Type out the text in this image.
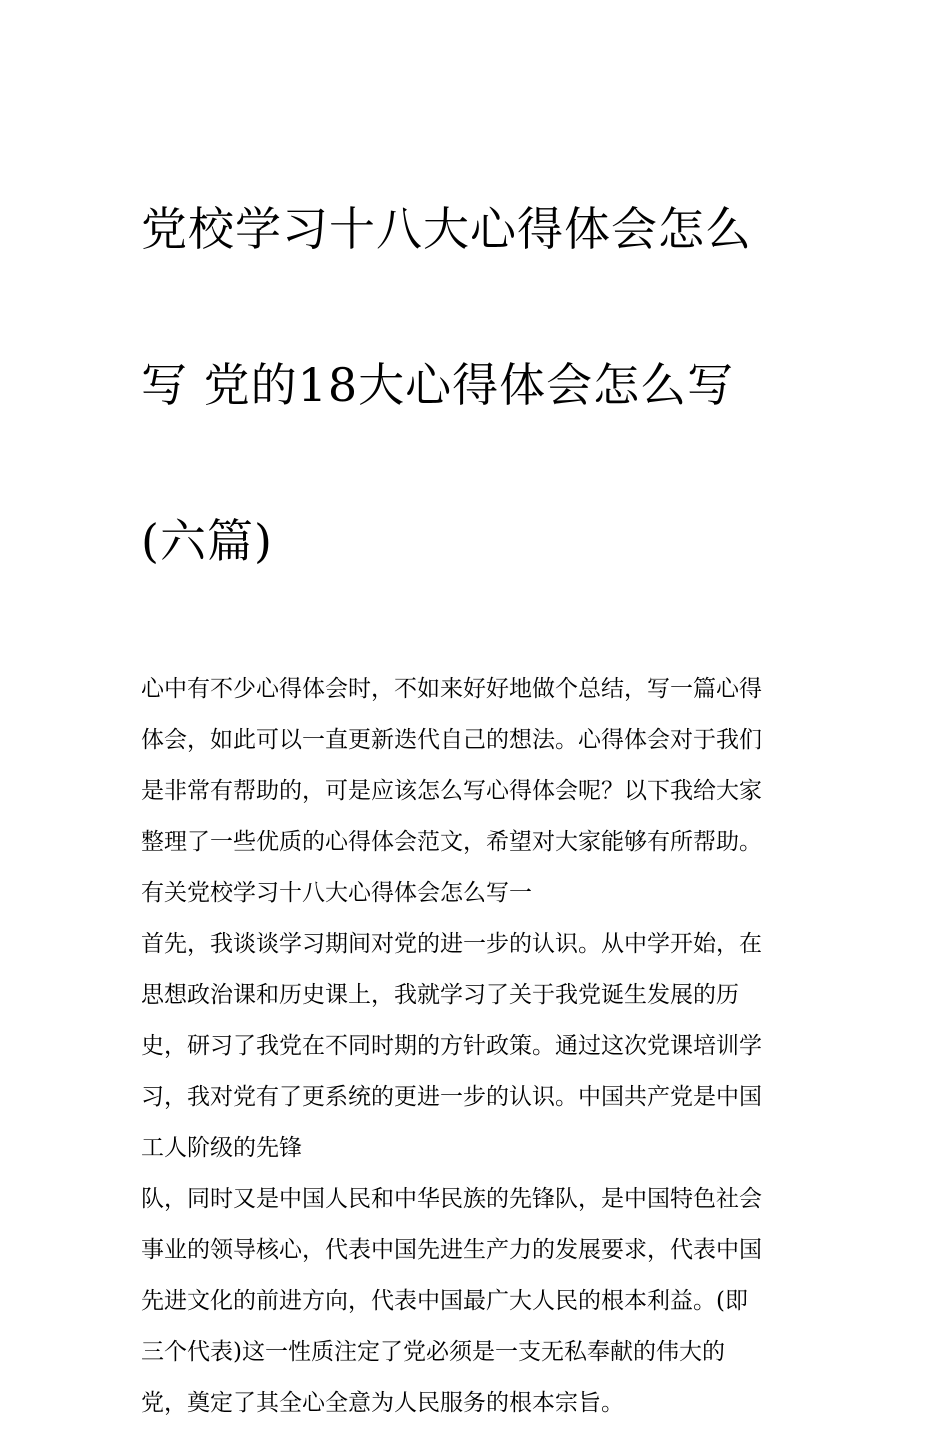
党校学习十八大心得体会怎么

写 党的18大心得体会怎么写

(六篇)

心中有不少心得体会时，不如来好好地做个总结，写一篇心得

体会，如此可以一直更新迭代自己的想法。心得体会对于我们

是非常有帮助的，可是应该怎么写心得体会呢？以下我给大家

整理了一些优质的心得体会范文，希望对大家能够有所帮助。

有关党校学习十八大心得体会怎么写一

首先，我谈谈学习期间对党的进一步的认识。从中学开始，在

思想政治课和历史课上，我就学习了关于我党诞生发展的历

史，研习了我党在不同时期的方针政策。通过这次党课培训学

习，我对党有了更系统的更进一步的认识。中国共产党是中国

工人阶级的先锋

队，同时又是中国人民和中华民族的先锋队，是中国特色社会

事业的领导核心，代表中国先进生产力的发展要求，代表中国

先进文化的前进方向，代表中国最广大人民的根本利益。(即

三个代表)这一性质注定了党必须是一支无私奉献的伟大的

党，奠定了其全心全意为人民服务的根本宗旨。
